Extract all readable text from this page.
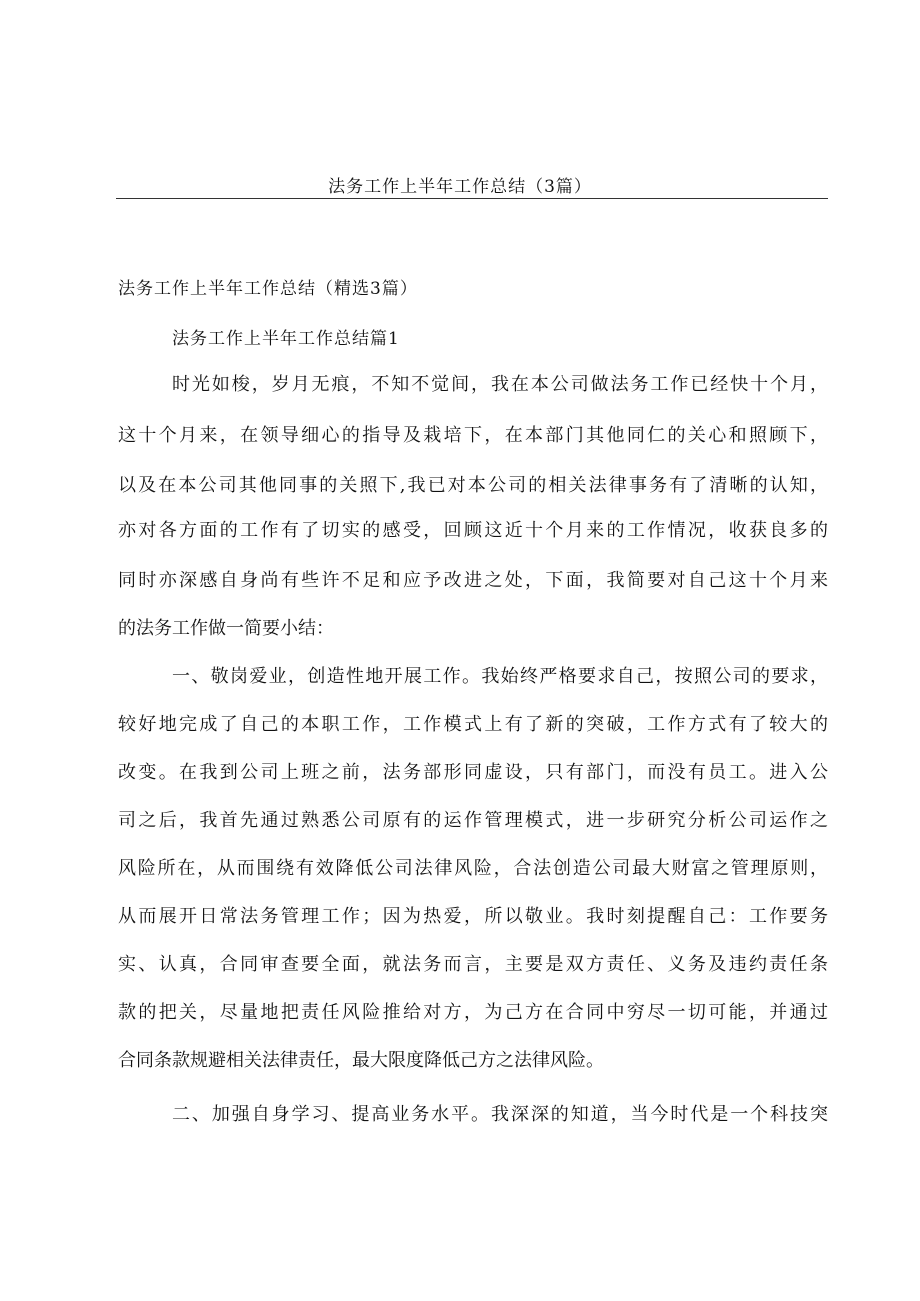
法务工作上半年工作总结（3篇）
法务工作上半年工作总结（精选3篇）
法务工作上半年工作总结篇1
时光如梭，岁月无痕，不知不觉间，我在本公司做法务工作已经快十个月，
这十个月来，在领导细心的指导及栽培下，在本部门其他同仁的关心和照顾下，
以及在本公司其他同事的关照下,我已对本公司的相关法律事务有了清晰的认知，
亦对各方面的工作有了切实的感受，回顾这近十个月来的工作情况，收获良多的
同时亦深感自身尚有些许不足和应予改进之处，下面，我简要对自己这十个月来
的法务工作做一简要小结：
一、敬岗爱业，创造性地开展工作。我始终严格要求自己，按照公司的要求，
较好地完成了自己的本职工作，工作模式上有了新的突破，工作方式有了较大的
改变。在我到公司上班之前，法务部形同虚设，只有部门，而没有员工。进入公
司之后，我首先通过熟悉公司原有的运作管理模式，进一步研究分析公司运作之
风险所在，从而围绕有效降低公司法律风险，合法创造公司最大财富之管理原则，
从而展开日常法务管理工作；因为热爱，所以敬业。我时刻提醒自己：工作要务
实、认真，合同审查要全面，就法务而言，主要是双方责任、义务及违约责任条
款的把关，尽量地把责任风险推给对方，为己方在合同中穷尽一切可能，并通过
合同条款规避相关法律责任，最大限度降低己方之法律风险。
二、加强自身学习、提高业务水平。我深深的知道，当今时代是一个科技突
